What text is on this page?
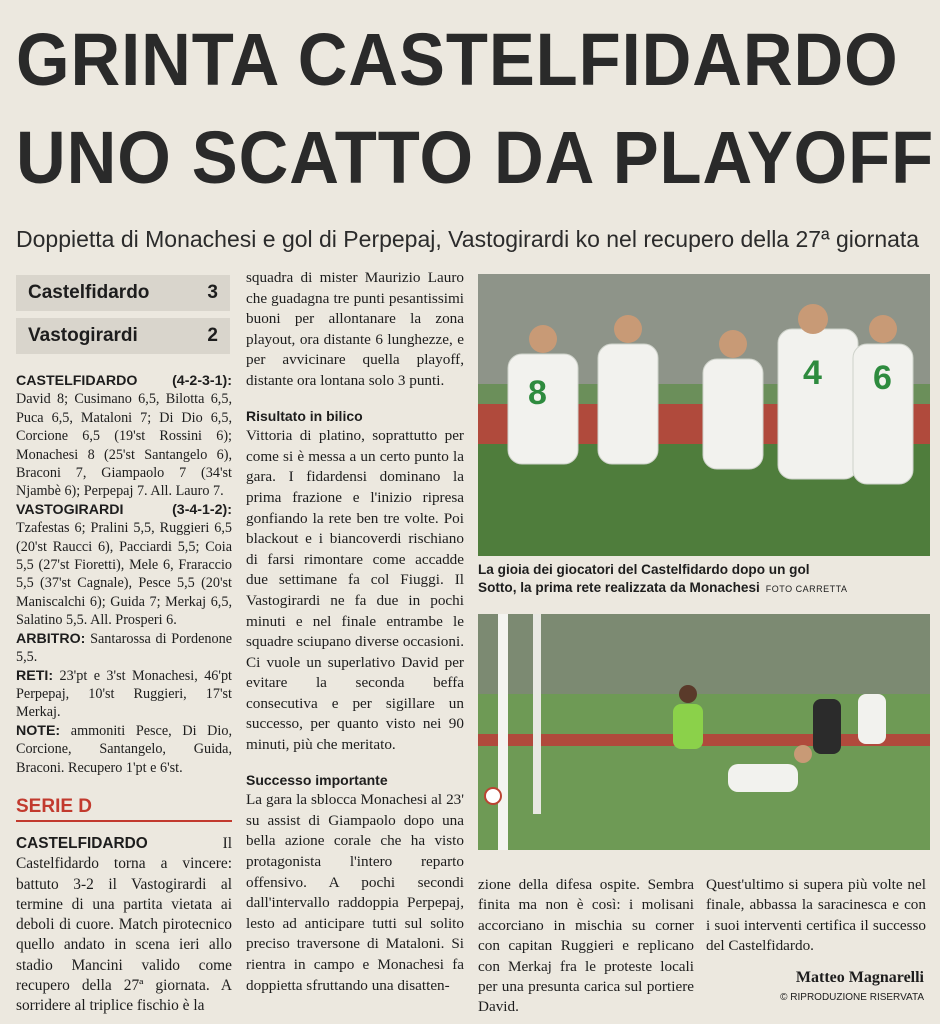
GRINTA CASTELFIDARDO
UNO SCATTO DA PLAYOFF
Doppietta di Monachesi e gol di Perpepaj, Vastogirardi ko nel recupero della 27ª giornata
Castelfidardo	3
Vastogirardi	2

CASTELFIDARDO (4-2-3-1): David 8; Cusimano 6,5, Bilotta 6,5, Puca 6,5, Mataloni 7; Di Dio 6,5, Corcione 6,5 (19'st Rossini 6); Monachesi 8 (25'st Santangelo 6), Braconi 7, Giampaolo 7 (34'st Njambè 6); Perpepaj 7. All. Lauro 7.

VASTOGIRARDI (3-4-1-2): Tzafestas 6; Pralini 5,5, Ruggieri 6,5 (20'st Raucci 6), Pacciardi 5,5; Coia 5,5 (27'st Fioretti), Mele 6, Fraraccio 5,5 (37'st Cagnale), Pesce 5,5 (20'st Maniscalchi 6); Guida 7; Merkaj 6,5, Salatino 5,5. All. Prosperi 6.

ARBITRO: Santarossa di Pordenone 5,5.

RETI: 23'pt e 3'st Monachesi, 46'pt Perpepaj, 10'st Ruggieri, 17'st Merkaj.

NOTE: ammoniti Pesce, Di Dio, Corcione, Santangelo, Guida, Braconi. Recupero 1'pt e 6'st.

SERIE D

CASTELFIDARDO	Il Castelfidardo torna a vincere: battuto 3-2 il Vastogirardi al termine di una partita vietata ai deboli di cuore. Match pirotecnico quello andato in scena ieri allo stadio Mancini valido come recupero della 27ª giornata. A sorridere al triplice fischio è la

squadra di mister Maurizio Lauro che guadagna tre punti pesantissimi buoni per allontanare la zona playout, ora distante 6 lunghezze, e per avvicinare quella playoff, distante ora lontana solo 3 punti.

Risultato in bilico

Vittoria di platino, soprattutto per come si è messa a un certo punto la gara. I fidardensi dominano la prima frazione e l'inizio ripresa gonfiando la rete ben tre volte. Poi blackout e i biancoverdi rischiano di farsi rimontare come accadde due settimane fa col Fiuggi. Il Vastogirardi ne fa due in pochi minuti e nel finale entrambe le squadre sciupano diverse occasioni. Ci vuole un superlativo David per evitare la seconda beffa consecutiva e per sigillare un successo, per quanto visto nei 90 minuti, più che meritato.

Successo importante

La gara la sblocca Monachesi al 23' su assist di Giampaolo dopo una bella azione corale che ha visto protagonista l'intero reparto offensivo. A pochi secondi dall'intervallo raddoppia Perpepaj, lesto ad anticipare tutti sul solito preciso traversone di Mataloni. Si rientra in campo e Monachesi fa doppietta sfruttando una disatten-

8
4 6
La gioia dei giocatori del Castelfidardo dopo un gol
Sotto, la prima rete realizzata da Monachesi FOTO CARRETTA
zione della difesa ospite. Sembra finita ma non è così: i molisani accorciano in mischia su corner con capitan Ruggieri e replicano con Merkaj fra le proteste locali per una presunta carica sul portiere David.
Quest'ultimo si supera più volte nel finale, abbassa la saracinesca e con i suoi interventi certifica il successo del Castelfidardo.
Matteo Magnarelli
© RIPRODUZIONE RISERVATA
